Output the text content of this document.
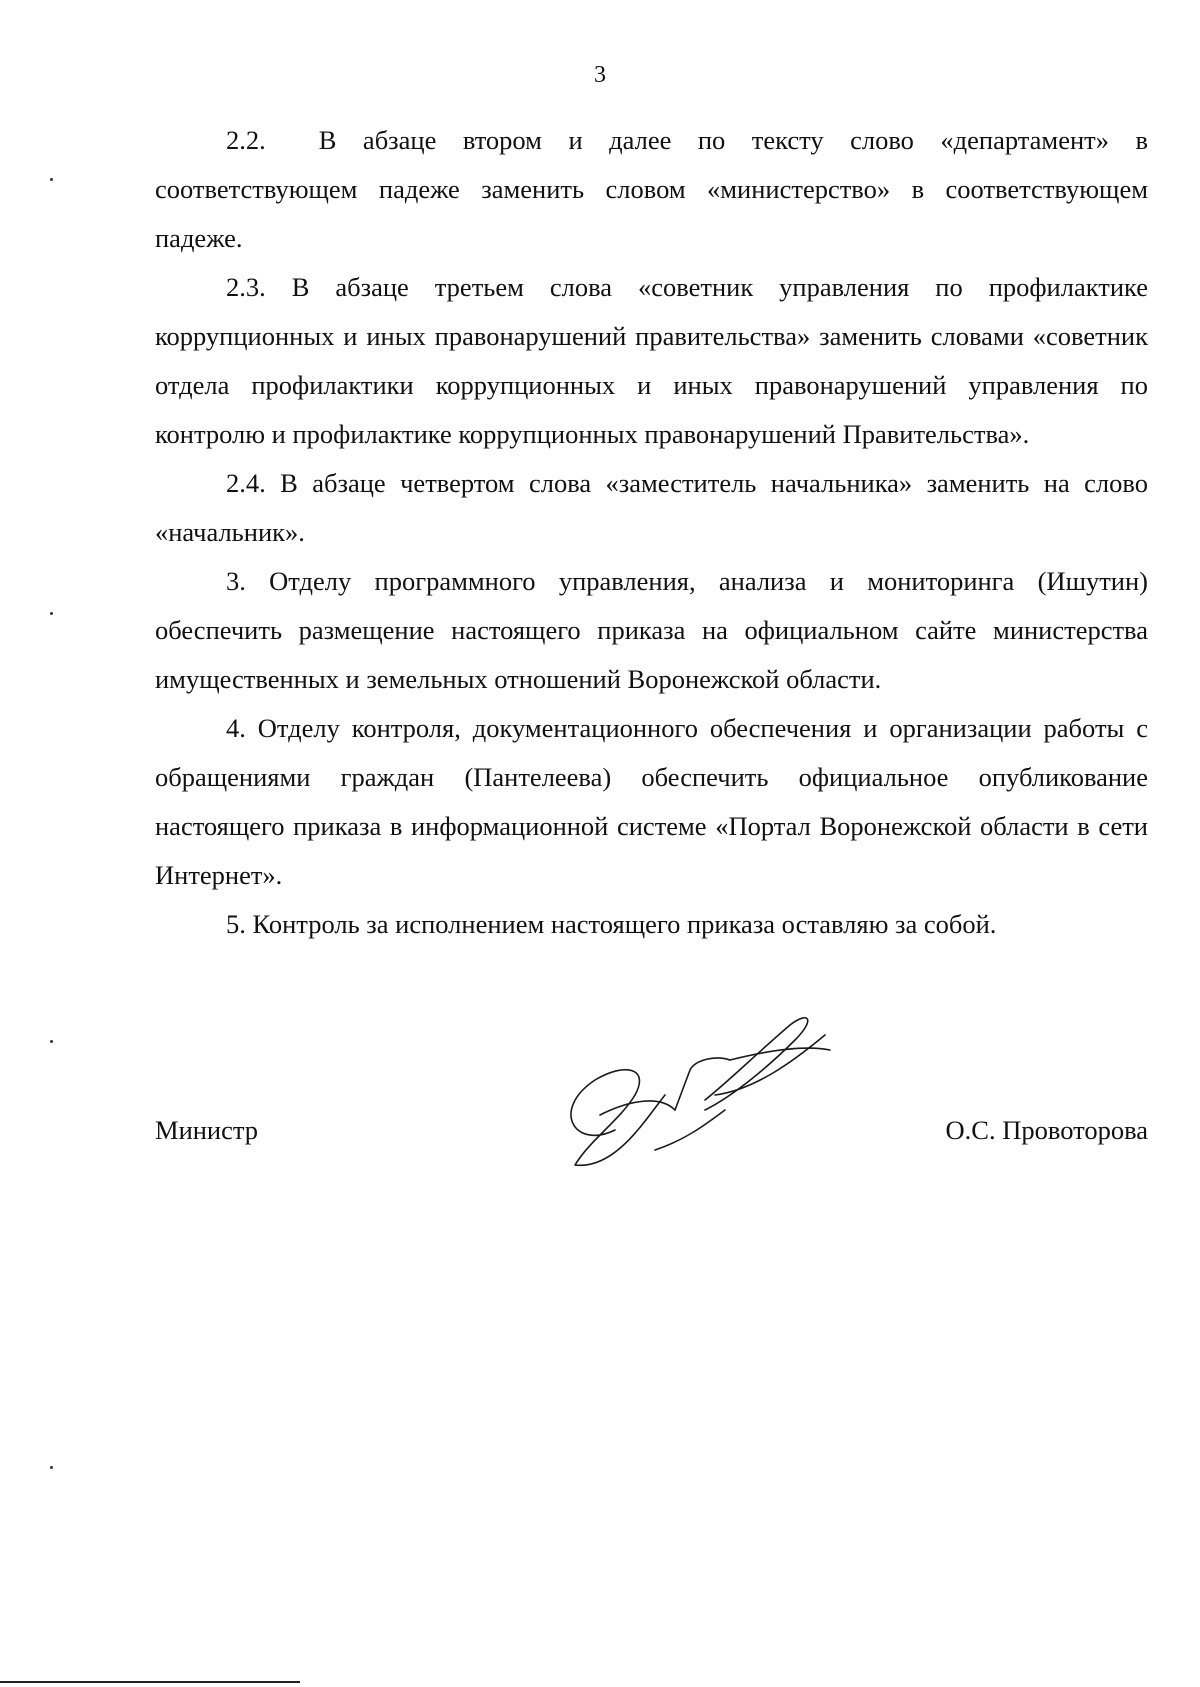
3

2.2.  В абзаце втором и далее по тексту слово «департамент» в соответствующем падеже заменить словом «министерство» в соответствующем падеже.

2.3. В абзаце третьем слова «советник управления по профилактике коррупционных и иных правонарушений правительства» заменить словами «советник отдела профилактики коррупционных и иных правонарушений управления по контролю и профилактике коррупционных правонарушений Правительства».

2.4. В абзаце четвертом слова «заместитель начальника» заменить на слово «начальник».

3. Отделу программного управления, анализа и мониторинга (Ишутин) обеспечить размещение настоящего приказа на официальном сайте министерства имущественных и земельных отношений Воронежской области.

4. Отделу контроля, документационного обеспечения и организации работы с обращениями граждан (Пантелеева) обеспечить официальное опубликование настоящего приказа в информационной системе «Портал Воронежской области в сети Интернет».

5. Контроль за исполнением настоящего приказа оставляю за собой.

Министр	О.С. Провоторова
